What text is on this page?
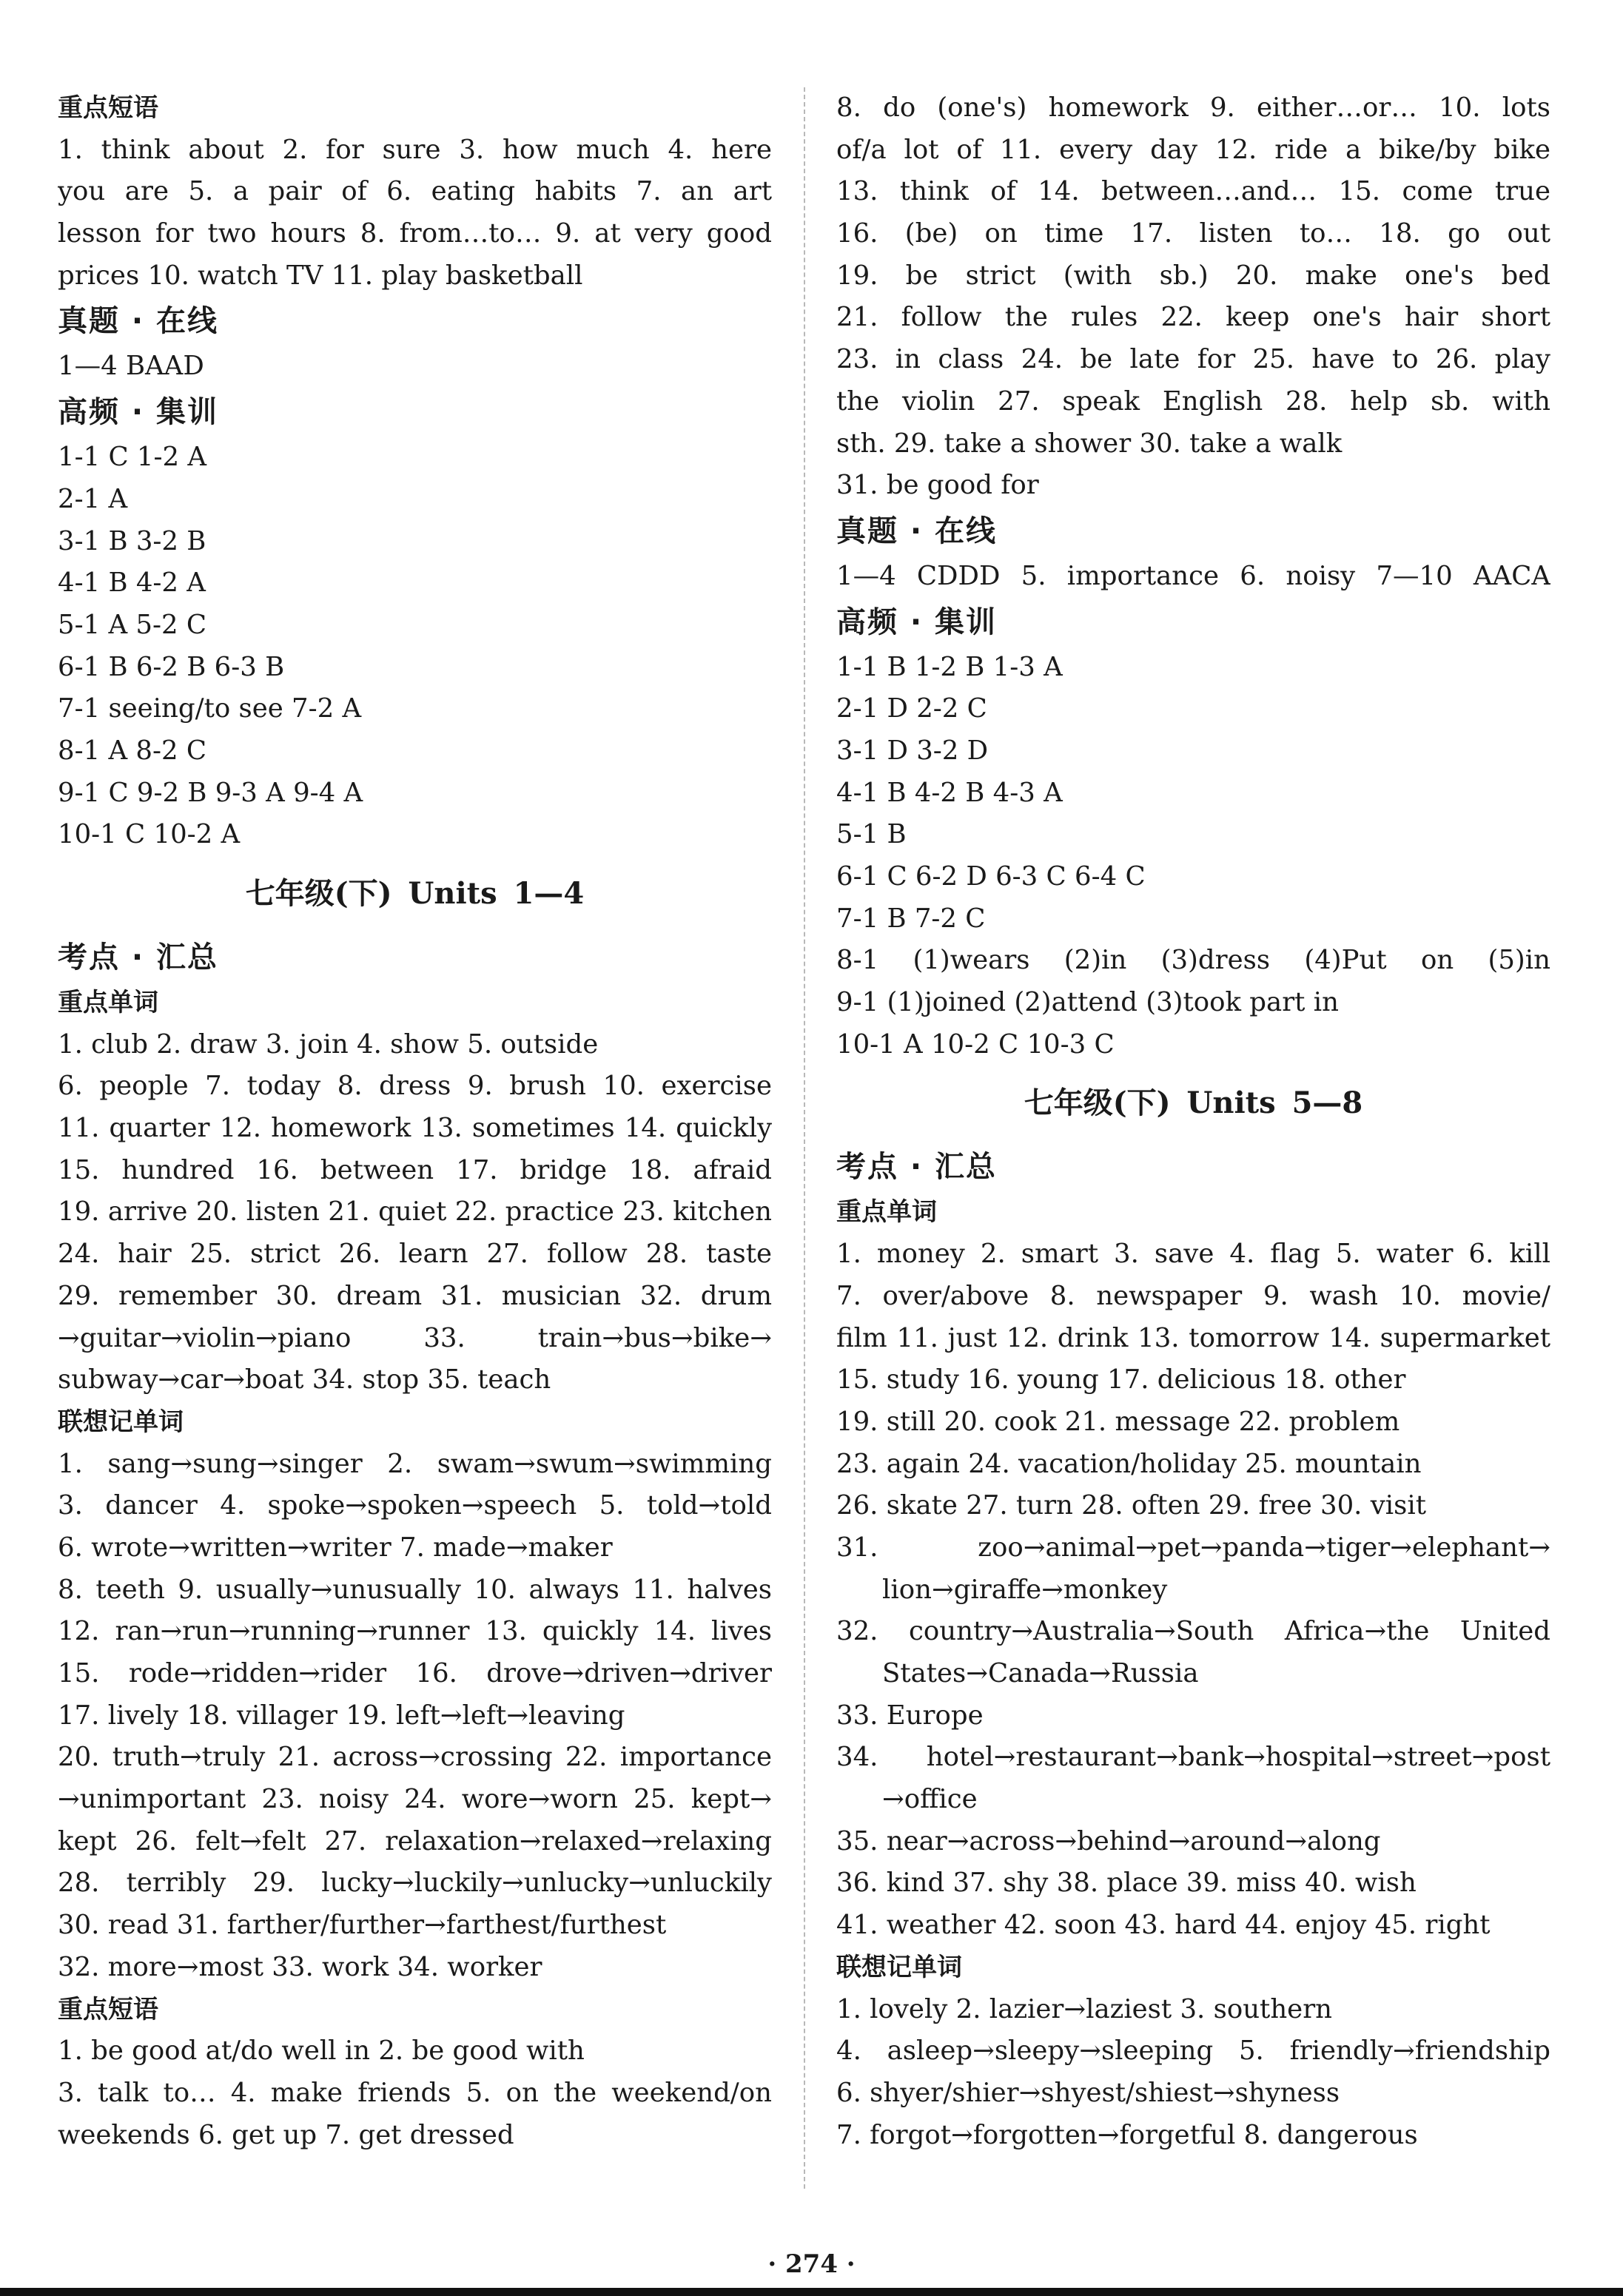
重点短语
1. think about 2. for sure 3. how much 4. here
you are 5. a pair of 6. eating habits 7. an art
lesson for two hours 8. from…to… 9. at very good
prices 10. watch TV 11. play basketball
真题 · 在线
1—4 BAAD
高频 · 集训
1-1 C 1-2 A
2-1 A
3-1 B 3-2 B
4-1 B 4-2 A
5-1 A 5-2 C
6-1 B 6-2 B 6-3 B
7-1 seeing/to see 7-2 A
8-1 A 8-2 C
9-1 C 9-2 B 9-3 A 9-4 A
10-1 C 10-2 A
七年级(下) Units 1—4
考点 · 汇总
重点单词
1. club 2. draw 3. join 4. show 5. outside
6. people 7. today 8. dress 9. brush 10. exercise
11. quarter 12. homework 13. sometimes 14. quickly
15. hundred 16. between 17. bridge 18. afraid
19. arrive 20. listen 21. quiet 22. practice 23. kitchen
24. hair 25. strict 26. learn 27. follow 28. taste
29. remember 30. dream 31. musician 32. drum
→guitar→violin→piano 33. train→bus→bike→
subway→car→boat 34. stop 35. teach
联想记单词
1. sang→sung→singer 2. swam→swum→swimming
3. dancer 4. spoke→spoken→speech 5. told→told
6. wrote→written→writer 7. made→maker
8. teeth 9. usually→unusually 10. always 11. halves
12. ran→run→running→runner 13. quickly 14. lives
15. rode→ridden→rider 16. drove→driven→driver
17. lively 18. villager 19. left→left→leaving
20. truth→truly 21. across→crossing 22. importance
→unimportant 23. noisy 24. wore→worn 25. kept→
kept 26. felt→felt 27. relaxation→relaxed→relaxing
28. terribly 29. lucky→luckily→unlucky→unluckily
30. read 31. farther/further→farthest/furthest
32. more→most 33. work 34. worker
重点短语
1. be good at/do well in 2. be good with
3. talk to… 4. make friends 5. on the weekend/on
weekends 6. get up 7. get dressed
8. do (one's) homework 9. either…or… 10. lots
of/a lot of 11. every day 12. ride a bike/by bike
13. think of 14. between…and… 15. come true
16. (be) on time 17. listen to… 18. go out
19. be strict (with sb.) 20. make one's bed
21. follow the rules 22. keep one's hair short
23. in class 24. be late for 25. have to 26. play
the violin 27. speak English 28. help sb. with
sth. 29. take a shower 30. take a walk
31. be good for
真题 · 在线
1—4 CDDD 5. importance 6. noisy 7—10 AACA
高频 · 集训
1-1 B 1-2 B 1-3 A
2-1 D 2-2 C
3-1 D 3-2 D
4-1 B 4-2 B 4-3 A
5-1 B
6-1 C 6-2 D 6-3 C 6-4 C
7-1 B 7-2 C
8-1 (1)wears (2)in (3)dress (4)Put on (5)in
9-1 (1)joined (2)attend (3)took part in
10-1 A 10-2 C 10-3 C
七年级(下) Units 5—8
考点 · 汇总
重点单词
1. money 2. smart 3. save 4. flag 5. water 6. kill
7. over/above 8. newspaper 9. wash 10. movie/
film 11. just 12. drink 13. tomorrow 14. supermarket
15. study 16. young 17. delicious 18. other
19. still 20. cook 21. message 22. problem
23. again 24. vacation/holiday 25. mountain
26. skate 27. turn 28. often 29. free 30. visit
31. zoo→animal→pet→panda→tiger→elephant→
lion→giraffe→monkey
32. country→Australia→South Africa→the United
States→Canada→Russia
33. Europe
34. hotel→restaurant→bank→hospital→street→post
→office
35. near→across→behind→around→along
36. kind 37. shy 38. place 39. miss 40. wish
41. weather 42. soon 43. hard 44. enjoy 45. right
联想记单词
1. lovely 2. lazier→laziest 3. southern
4. asleep→sleepy→sleeping 5. friendly→friendship
6. shyer/shier→shyest/shiest→shyness
7. forgot→forgotten→forgetful 8. dangerous
· 274 ·
